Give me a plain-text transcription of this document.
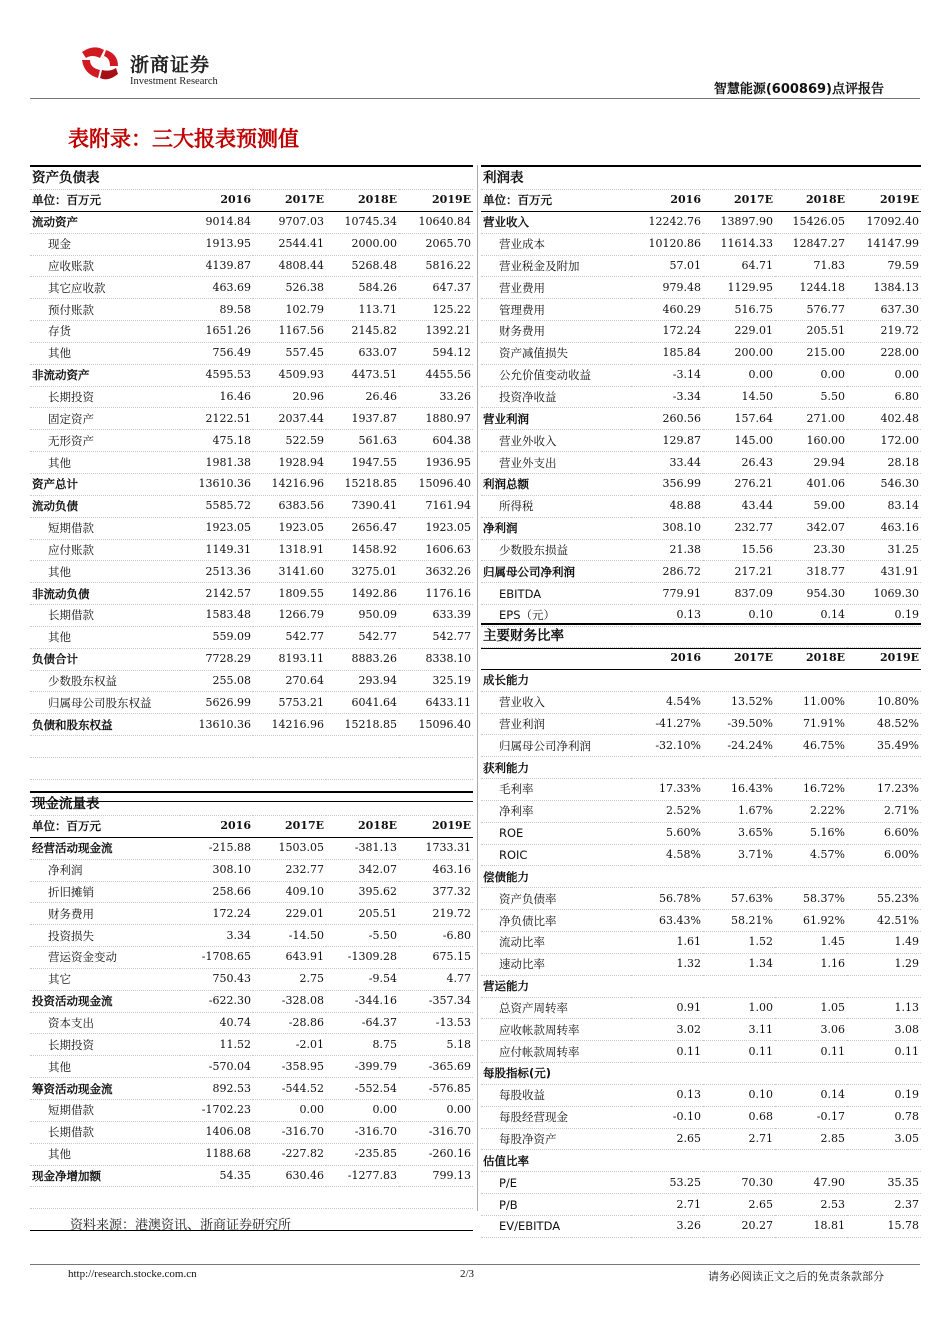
浙商证券
Investment Research
智慧能源(600869)点评报告
表附录：三大报表预测值
资产负债表				
单位：百万元	2016	2017E	2018E	2019E
流动资产	9014.84	9707.03	10745.34	10640.84
现金	1913.95	2544.41	2000.00	2065.70
应收账款	4139.87	4808.44	5268.48	5816.22
其它应收款	463.69	526.38	584.26	647.37
预付账款	89.58	102.79	113.71	125.22
存货	1651.26	1167.56	2145.82	1392.21
其他	756.49	557.45	633.07	594.12
非流动资产	4595.53	4509.93	4473.51	4455.56
长期投资	16.46	20.96	26.46	33.26
固定资产	2122.51	2037.44	1937.87	1880.97
无形资产	475.18	522.59	561.63	604.38
其他	1981.38	1928.94	1947.55	1936.95
资产总计	13610.36	14216.96	15218.85	15096.40
流动负债	5585.72	6383.56	7390.41	7161.94
短期借款	1923.05	1923.05	2656.47	1923.05
应付账款	1149.31	1318.91	1458.92	1606.63
其他	2513.36	3141.60	3275.01	3632.26
非流动负债	2142.57	1809.55	1492.86	1176.16
长期借款	1583.48	1266.79	950.09	633.39
其他	559.09	542.77	542.77	542.77
负债合计	7728.29	8193.11	8883.26	8338.10
少数股东权益	255.08	270.64	293.94	325.19
归属母公司股东权益	5626.99	5753.21	6041.64	6433.11
负债和股东权益	13610.36	14216.96	15218.85	15096.40

现金流量表				
单位：百万元	2016	2017E	2018E	2019E
经营活动现金流	-215.88	1503.05	-381.13	1733.31
净利润	308.10	232.77	342.07	463.16
折旧摊销	258.66	409.10	395.62	377.32
财务费用	172.24	229.01	205.51	219.72
投资损失	3.34	-14.50	-5.50	-6.80
营运资金变动	-1708.65	643.91	-1309.28	675.15
其它	750.43	2.75	-9.54	4.77
投资活动现金流	-622.30	-328.08	-344.16	-357.34
资本支出	40.74	-28.86	-64.37	-13.53
长期投资	11.52	-2.01	8.75	5.18
其他	-570.04	-358.95	-399.79	-365.69
筹资活动现金流	892.53	-544.52	-552.54	-576.85
短期借款	-1702.23	0.00	0.00	0.00
长期借款	1406.08	-316.70	-316.70	-316.70
其他	1188.68	-227.82	-235.85	-260.16
现金净增加额	54.35	630.46	-1277.83	799.13

利润表				
单位：百万元	2016	2017E	2018E	2019E
营业收入	12242.76	13897.90	15426.05	17092.40
营业成本	10120.86	11614.33	12847.27	14147.99
营业税金及附加	57.01	64.71	71.83	79.59
营业费用	979.48	1129.95	1244.18	1384.13
管理费用	460.29	516.75	576.77	637.30
财务费用	172.24	229.01	205.51	219.72
资产减值损失	185.84	200.00	215.00	228.00
公允价值变动收益	-3.14	0.00	0.00	0.00
投资净收益	-3.34	14.50	5.50	6.80
营业利润	260.56	157.64	271.00	402.48
营业外收入	129.87	145.00	160.00	172.00
营业外支出	33.44	26.43	29.94	28.18
利润总额	356.99	276.21	401.06	546.30
所得税	48.88	43.44	59.00	83.14
净利润	308.10	232.77	342.07	463.16
少数股东损益	21.38	15.56	23.30	31.25
归属母公司净利润	286.72	217.21	318.77	431.91
EBITDA	779.91	837.09	954.30	1069.30
EPS（元）	0.13	0.10	0.14	0.19

主要财务比率				
	2016	2017E	2018E	2019E
成长能力				
营业收入	4.54%	13.52%	11.00%	10.80%
营业利润	-41.27%	-39.50%	71.91%	48.52%
归属母公司净利润	-32.10%	-24.24%	46.75%	35.49%
获利能力				
毛利率	17.33%	16.43%	16.72%	17.23%
净利率	2.52%	1.67%	2.22%	2.71%
ROE	5.60%	3.65%	5.16%	6.60%
ROIC	4.58%	3.71%	4.57%	6.00%
偿债能力				
资产负债率	56.78%	57.63%	58.37%	55.23%
净负债比率	63.43%	58.21%	61.92%	42.51%
流动比率	1.61	1.52	1.45	1.49
速动比率	1.32	1.34	1.16	1.29
营运能力				
总资产周转率	0.91	1.00	1.05	1.13
应收帐款周转率	3.02	3.11	3.06	3.08
应付帐款周转率	0.11	0.11	0.11	0.11
每股指标(元)				
每股收益	0.13	0.10	0.14	0.19
每股经营现金	-0.10	0.68	-0.17	0.78
每股净资产	2.65	2.71	2.85	3.05
估值比率				
P/E	53.25	70.30	47.90	35.35
P/B	2.71	2.65	2.53	2.37
EV/EBITDA	3.26	20.27	18.81	15.78
资料来源：港澳资讯、浙商证券研究所
http://research.stocke.com.cn	2/3	请务必阅读正文之后的免责条款部分
